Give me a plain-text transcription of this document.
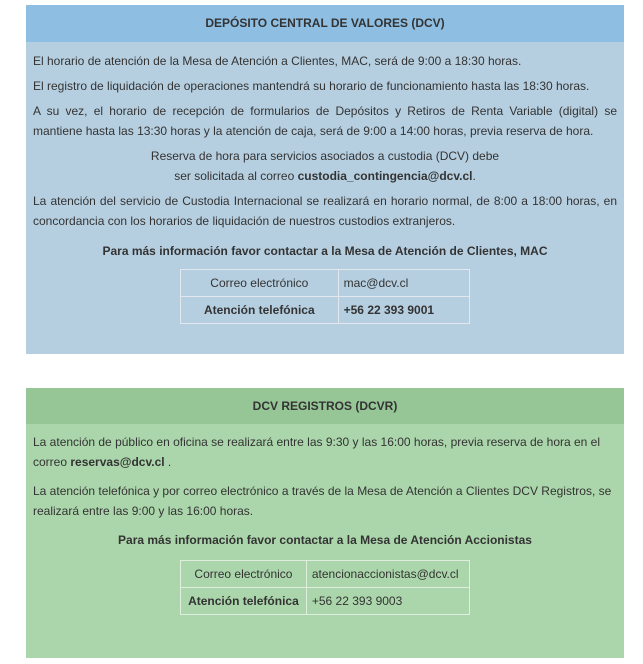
DEPÓSITO CENTRAL DE VALORES (DCV)

El horario de atención de la Mesa de Atención a Clientes, MAC, será de 9:00 a 18:30 horas.

El registro de liquidación de operaciones mantendrá su horario de funcionamiento hasta las 18:30 horas.

A su vez, el horario de recepción de formularios de Depósitos y Retiros de Renta Variable (digital) se mantiene hasta las 13:30 horas y la atención de caja, será de 9:00 a 14:00 horas, previa reserva de hora.

Reserva de hora para servicios asociados a custodia (DCV) debe
ser solicitada al correo custodia_contingencia@dcv.cl.

La atención del servicio de Custodia Internacional se realizará en horario normal, de 8:00 a 18:00 horas, en concordancia con los horarios de liquidación de nuestros custodios extranjeros.

Para más información favor contactar a la Mesa de Atención de Clientes, MAC

Correo electrónico	mac@dcv.cl
Atención telefónica	+56 22 393 9001
DCV REGISTROS (DCVR)

La atención de público en oficina se realizará entre las 9:30 y las 16:00 horas, previa reserva de hora en el correo reservas@dcv.cl .

La atención telefónica y por correo electrónico a través de la Mesa de Atención a Clientes DCV Registros, se realizará entre las 9:00 y las 16:00 horas.

Para más información favor contactar a la Mesa de Atención Accionistas

Correo electrónico	atencionaccionistas@dcv.cl
Atención telefónica	+56 22 393 9003
